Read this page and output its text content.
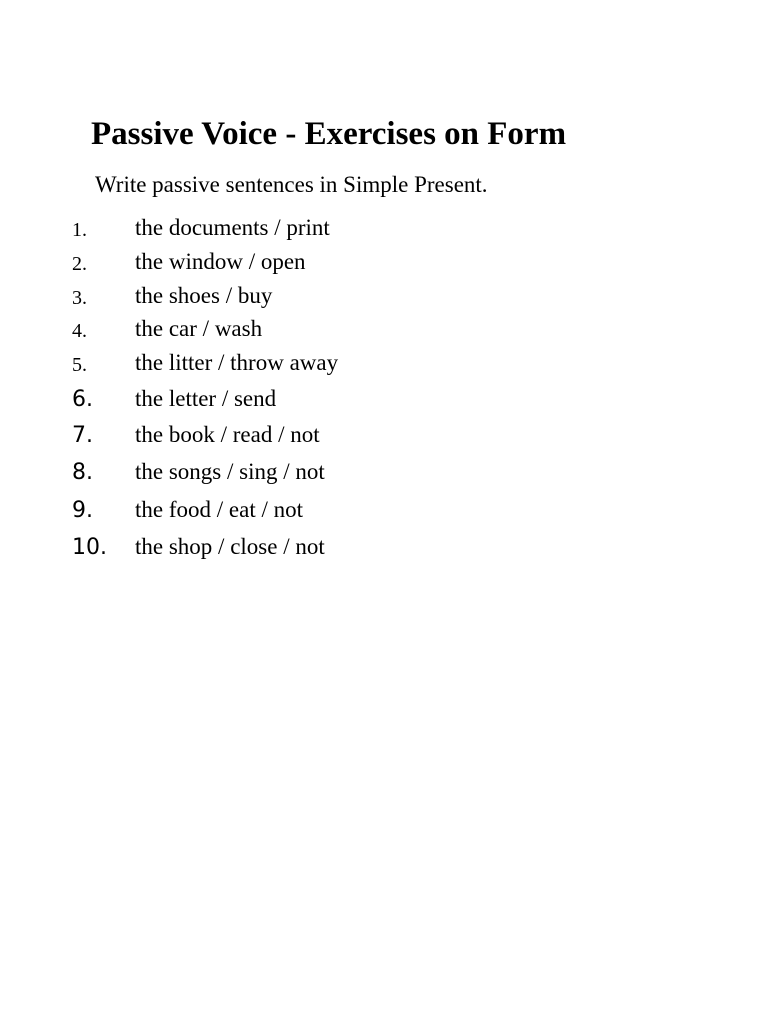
Passive Voice - Exercises on Form

Write passive sentences in Simple Present.

1. the documents / print
2. the window / open
3. the shoes / buy
4. the car / wash
5. the litter / throw away
6. the letter / send
7. the book / read / not
8. the songs / sing / not
9. the food / eat / not
10. the shop / close / not
